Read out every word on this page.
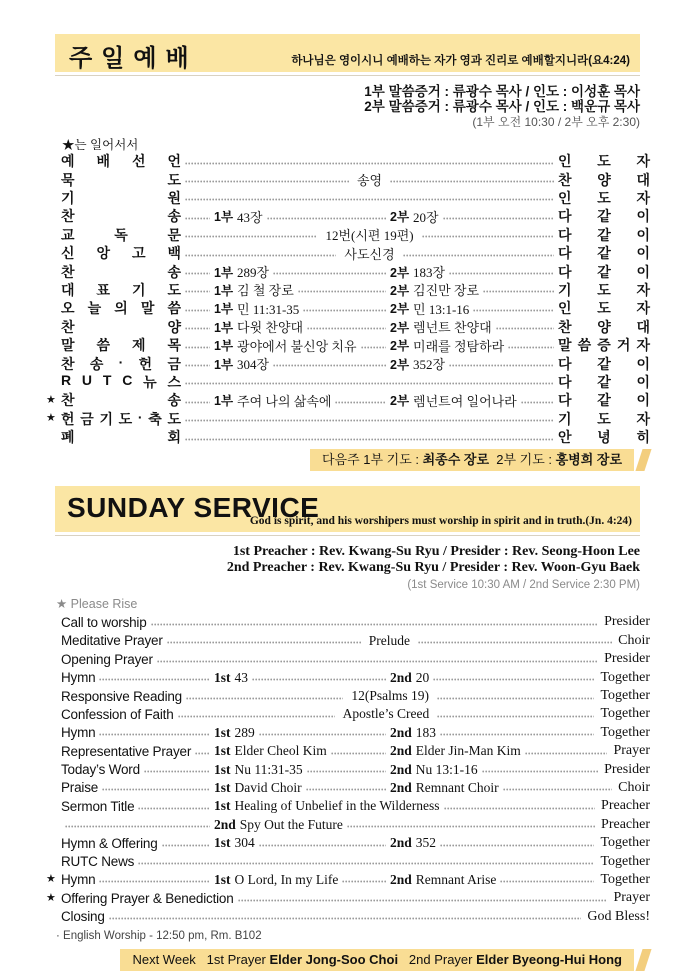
주일예배	하나님은 영이시니 예배하는 자가 영과 진리로 예배할지니라(요4:24)
1부 말씀증거 : 류광수 목사 / 인도 : 이성훈 목사
2부 말씀증거 : 류광수 목사 / 인도 : 백운규 목사
(1부 오전 10:30 / 2부 오후 2:30)
★는 일어서서
예 배 선 언	인 도 자
묵	도	송영	찬 양 대
기	원	인 도 자
찬	송	1부 43장	2부 20장	다 같 이
교	독	문	12번(시편 19편)	다 같 이
신 앙 고 백	사도신경	다 같 이
찬	송	1부 289장	2부 183장	다 같 이
대 표 기 도	1부 김 철 장로	2부 김진만 장로	기 도 자
오 늘 의 말 씀	1부 민 11:31-35	2부 민 13:1-16	인 도 자
찬	양	1부 다윗 찬양대	2부 렘넌트 찬양대	찬 양 대
말 씀 제 목	1부 광야에서 불신앙 치유	2부 미래를 정탐하라	말 씀 증 거 자
찬 송 · 헌 금	1부 304장	2부 352장	다 같 이
R U T C 뉴 스	다 같 이
★ 찬	송	1부 주여 나의 삶속에	2부 렘넌트여 일어나라	다 같 이
★ 헌 금 기 도 · 축 도	기 도 자
폐	회	안 녕 히
다음주 1부 기도 : 최종수 장로  2부 기도 : 홍병희 장로
SUNDAY SERVICE
God is spirit, and his worshipers must worship in spirit and in truth.(Jn. 4:24)
1st Preacher : Rev. Kwang-Su Ryu / Presider : Rev. Seong-Hoon Lee
2nd Preacher : Rev. Kwang-Su Ryu / Presider : Rev. Woon-Gyu Baek
(1st Service 10:30 AM / 2nd Service 2:30 PM)
★ Please Rise
Call to worship	Presider
Meditative Prayer	Prelude	Choir
Opening Prayer	Presider
Hymn	1st 43	2nd 20	Together
Responsive Reading	12(Psalms 19)	Together
Confession of Faith	Apostle’s Creed	Together
Hymn	1st 289	2nd 183	Together
Representative Prayer 1st Elder Cheol Kim	2nd Elder Jin-Man Kim	Prayer
Today’s Word	1st Nu 11:31-35	2nd Nu 13:1-16	Presider
Praise	1st David Choir	2nd Remnant Choir	Choir
Sermon Title	1st Healing of Unbelief in the Wilderness	Preacher
2nd Spy Out the Future	Preacher
Hymn & Offering	1st 304	2nd 352	Together
RUTC News	Together
★ Hymn	1st O Lord, In my Life	2nd Remnant Arise	Together
★ Offering Prayer & Benediction	Prayer
Closing	God Bless!
· English Worship - 12:50 pm, Rm. B102
Next Week   1st Prayer Elder Jong-Soo Choi   2nd Prayer Elder Byeong-Hui Hong
